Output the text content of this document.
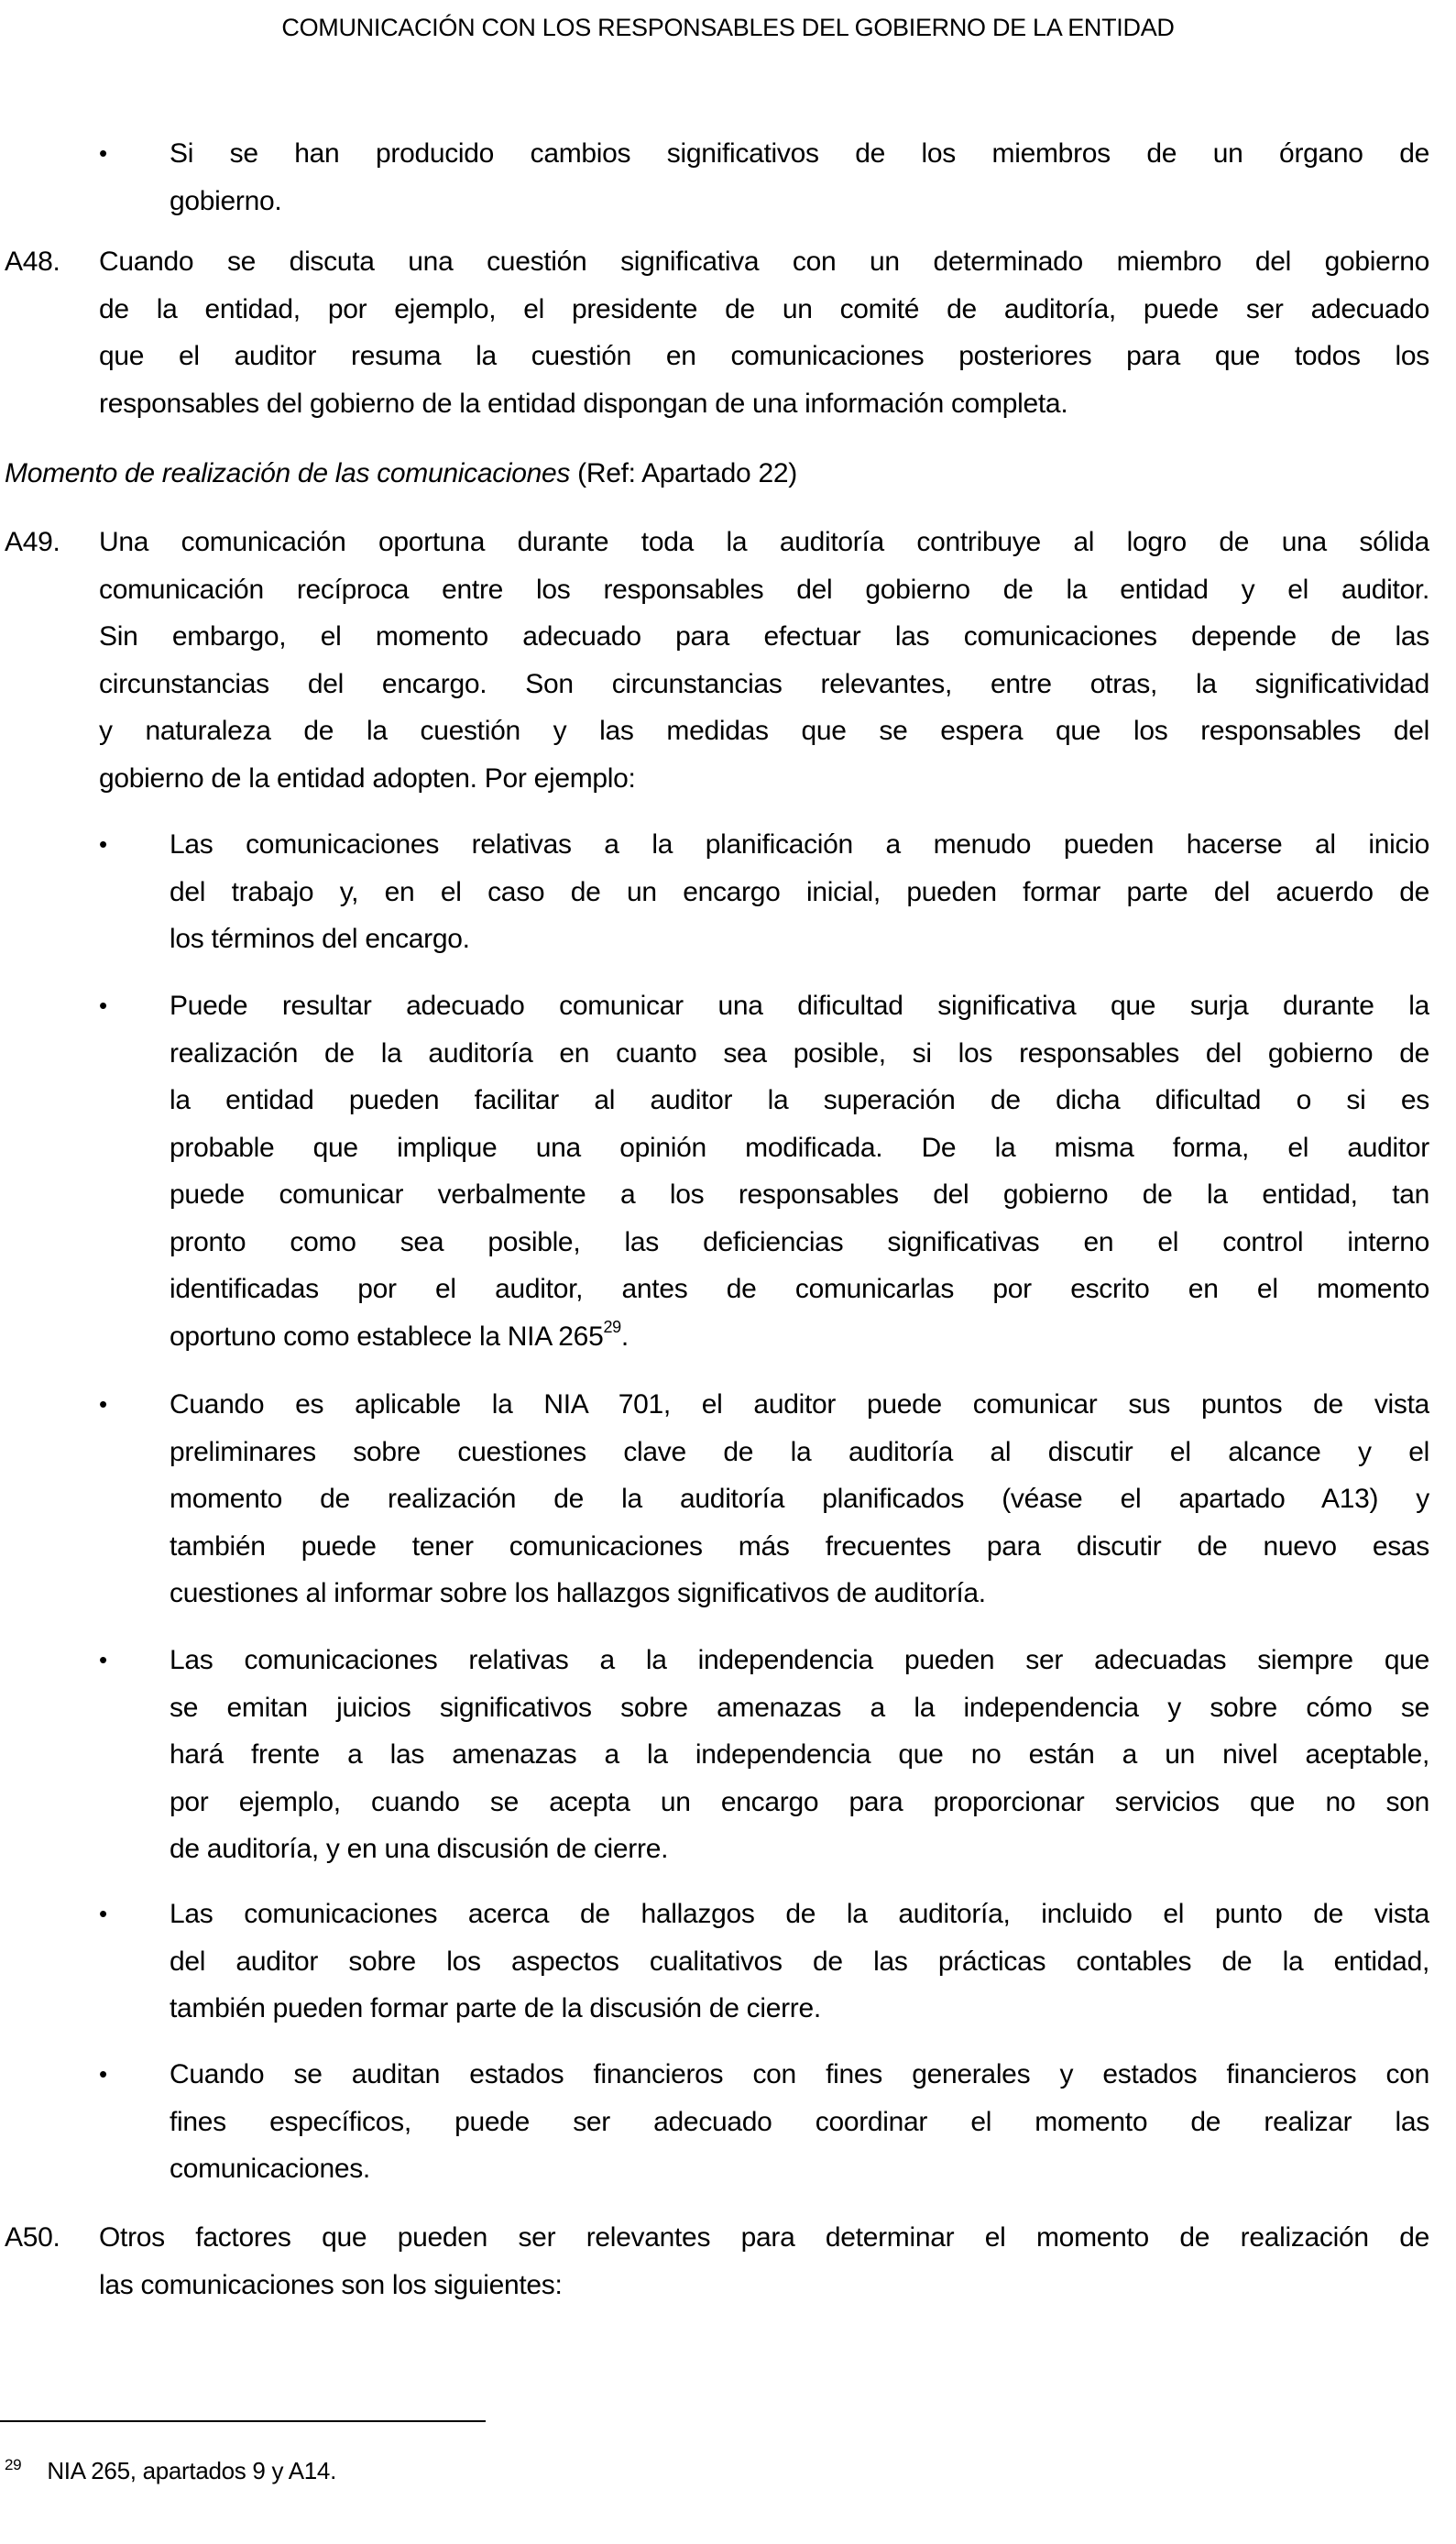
COMUNICACIÓN CON LOS RESPONSABLES DEL GOBIERNO DE LA ENTIDAD
• Si se han producido cambios significativos de los miembros de un órgano de
gobierno.
A48. Cuando se discuta una cuestión significativa con un determinado miembro del gobierno
de la entidad, por ejemplo, el presidente de un comité de auditoría, puede ser adecuado
que el auditor resuma la cuestión en comunicaciones posteriores para que todos los
responsables del gobierno de la entidad dispongan de una información completa.
Momento de realización de las comunicaciones (Ref: Apartado 22)
A49. Una comunicación oportuna durante toda la auditoría contribuye al logro de una sólida
comunicación recíproca entre los responsables del gobierno de la entidad y el auditor.
Sin embargo, el momento adecuado para efectuar las comunicaciones depende de las
circunstancias del encargo. Son circunstancias relevantes, entre otras, la significatividad
y naturaleza de la cuestión y las medidas que se espera que los responsables del
gobierno de la entidad adopten. Por ejemplo:
• Las comunicaciones relativas a la planificación a menudo pueden hacerse al inicio
del trabajo y, en el caso de un encargo inicial, pueden formar parte del acuerdo de
los términos del encargo.
• Puede resultar adecuado comunicar una dificultad significativa que surja durante la
realización de la auditoría en cuanto sea posible, si los responsables del gobierno de
la entidad pueden facilitar al auditor la superación de dicha dificultad o si es
probable que implique una opinión modificada. De la misma forma, el auditor
puede comunicar verbalmente a los responsables del gobierno de la entidad, tan
pronto como sea posible, las deficiencias significativas en el control interno
identificadas por el auditor, antes de comunicarlas por escrito en el momento
oportuno como establece la NIA $265^{29}$.
• Cuando es aplicable la NIA 701, el auditor puede comunicar sus puntos de vista
preliminares sobre cuestiones clave de la auditoría al discutir el alcance y el
momento de realización de la auditoría planificados (véase el apartado A13) y
también puede tener comunicaciones más frecuentes para discutir de nuevo esas
cuestiones al informar sobre los hallazgos significativos de auditoría.
• Las comunicaciones relativas a la independencia pueden ser adecuadas siempre que
se emitan juicios significativos sobre amenazas a la independencia y sobre cómo se
hará frente a las amenazas a la independencia que no están a un nivel aceptable,
por ejemplo, cuando se acepta un encargo para proporcionar servicios que no son
de auditoría, y en una discusión de cierre.
• Las comunicaciones acerca de hallazgos de la auditoría, incluido el punto de vista
del auditor sobre los aspectos cualitativos de las prácticas contables de la entidad,
también pueden formar parte de la discusión de cierre.
• Cuando se auditan estados financieros con fines generales y estados financieros con
fines específicos, puede ser adecuado coordinar el momento de realizar las
comunicaciones.
A50. Otros factores que pueden ser relevantes para determinar el momento de realización de
las comunicaciones son los siguientes:
$^{29}$ NIA 265, apartados 9 y A14.
